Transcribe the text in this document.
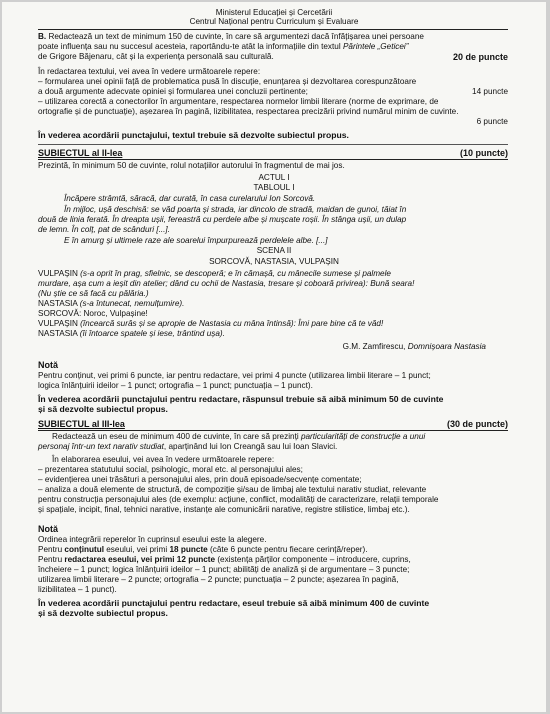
Ministerul Educației și Cercetării
Centrul Național pentru Curriculum și Evaluare
B. Redactează un text de minimum 150 de cuvinte, în care să argumentezi dacă înfățișarea unei persoane
poate influența sau nu succesul acesteia, raportându-te atât la informațiile din textul Părintele „Geticei”
de Grigore Băjenaru, cât și la experiența personală sau culturală.	20 de puncte
În redactarea textului, vei avea în vedere următoarele repere:
– formularea unei opinii față de problematica pusă în discuție, enunțarea și dezvoltarea corespunzătoare
a două argumente adecvate opiniei și formularea unei concluzii pertinente;	14 puncte
– utilizarea corectă a conectorilor în argumentare, respectarea normelor limbii literare (norme de exprimare, de
ortografie și de punctuație), așezarea în pagină, lizibilitatea, respectarea precizării privind numărul minim de cuvinte.
6 puncte
În vederea acordării punctajului, textul trebuie să dezvolte subiectul propus.
SUBIECTUL al II-lea	(10 puncte)
Prezintă, în minimum 50 de cuvinte, rolul notațiilor autorului în fragmentul de mai jos.
ACTUL I
TABLOUL I
Încăpere strâmtă, săracă, dar curată, în casa curelarului Ion Sorcovă.
În mijloc, ușă deschisă: se văd poarta și strada, iar dincolo de stradă, maidan de gunoi, tăiat în
două de linia ferată. În dreapta ușii, fereastră cu perdele albe și mușcate roșii. În stânga ușii, un dulap
de lemn. În colț, pat de scânduri [...].
E în amurg și ultimele raze ale soarelui împurpurează perdelele albe. [...]
SCENA II
SORCOVĂ, NASTASIA, VULPAȘIN
VULPAȘIN (s-a oprit în prag, sfielnic, se descoperă; e în cămașă, cu mânecile sumese și palmele
murdare, așa cum a ieșit din atelier; dând cu ochii de Nastasia, tresare și coboară privirea): Bună seara!
(Nu știe ce să facă cu pălăria.)
NASTASIA (s-a întunecat, nemulțumire).
SORCOVĂ: Noroc, Vulpașine!
VULPAȘIN (încearcă surâs și se apropie de Nastasia cu mâna întinsă): Îmi pare bine că te văd!
NASTASIA (îi întoarce spatele și iese, trântind ușa).
G.M. Zamfirescu, Domnișoara Nastasia
Notă
Pentru conținut, vei primi 6 puncte, iar pentru redactare, vei primi 4 puncte (utilizarea limbii literare – 1 punct;
logica înlănțuirii ideilor – 1 punct; ortografia – 1 punct; punctuația – 1 punct).
În vederea acordării punctajului pentru redactare, răspunsul trebuie să aibă minimum 50 de cuvinte
și să dezvolte subiectul propus.
SUBIECTUL al III-lea	(30 de puncte)
Redactează un eseu de minimum 400 de cuvinte, în care să prezinți particularități de construcție a unui
personaj într-un text narativ studiat, aparținând lui Ion Creangă sau lui Ioan Slavici.
În elaborarea eseului, vei avea în vedere următoarele repere:
– prezentarea statutului social, psihologic, moral etc. al personajului ales;
– evidențierea unei trăsături a personajului ales, prin două episoade/secvențe comentate;
– analiza a două elemente de structură, de compoziție și/sau de limbaj ale textului narativ studiat, relevante
pentru construcția personajului ales (de exemplu: acțiune, conflict, modalități de caracterizare, relații temporale
și spațiale, incipit, final, tehnici narative, instanțe ale comunicării narative, registre stilistice, limbaj etc.).
Notă
Ordinea integrării reperelor în cuprinsul eseului este la alegere.
Pentru conținutul eseului, vei primi 18 puncte (câte 6 puncte pentru fiecare cerință/reper).
Pentru redactarea eseului, vei primi 12 puncte (existența părților componente – introducere, cuprins,
încheiere – 1 punct; logica înlănțuirii ideilor – 1 punct; abilități de analiză și de argumentare – 3 puncte;
utilizarea limbii literare – 2 puncte; ortografia – 2 puncte; punctuația – 2 puncte; așezarea în pagină,
lizibilitatea – 1 punct).
În vederea acordării punctajului pentru redactare, eseul trebuie să aibă minimum 400 de cuvinte
și să dezvolte subiectul propus.
